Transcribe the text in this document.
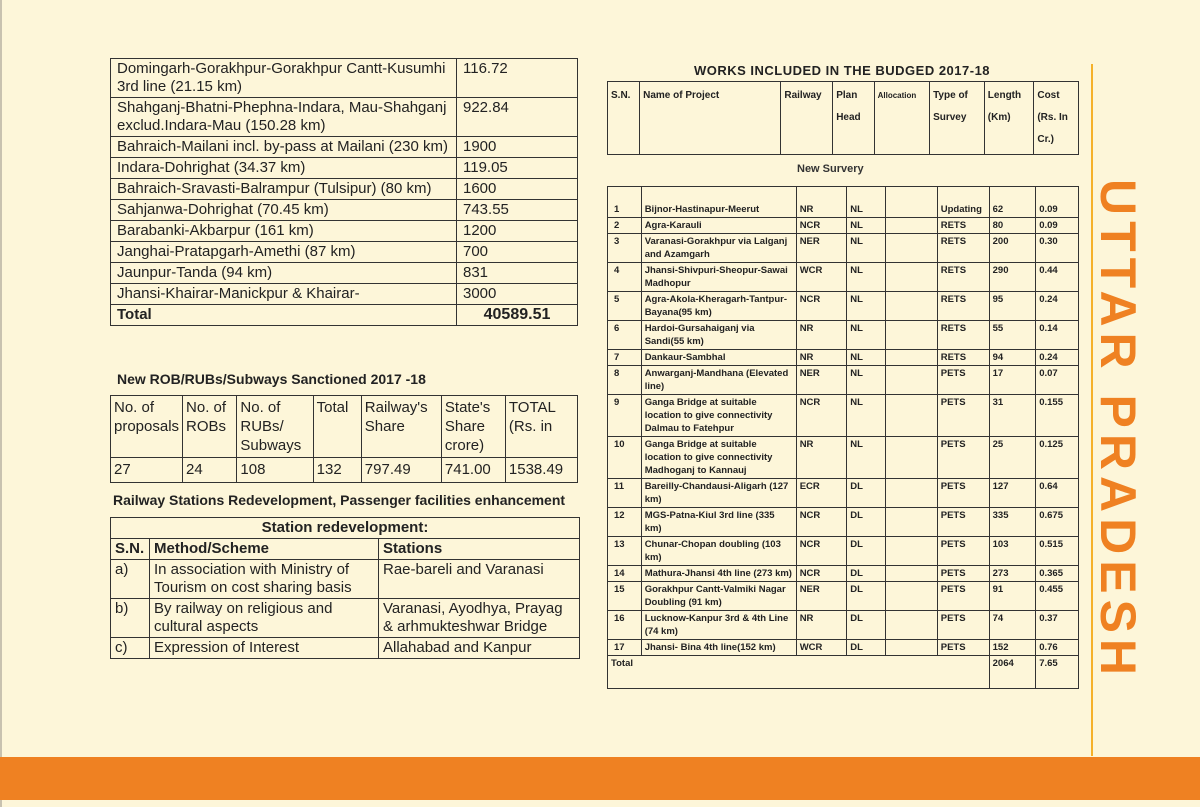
Domingarh-Gorakhpur-Gorakhpur Cantt-Kusumhi 3rd line (21.15 km)	116.72
Shahganj-Bhatni-Phephna-Indara, Mau-Shahganj exclud.Indara-Mau (150.28 km)	922.84
Bahraich-Mailani incl. by-pass at Mailani (230 km)	1900
Indara-Dohrighat (34.37 km)	119.05
Bahraich-Sravasti-Balrampur (Tulsipur) (80 km)	1600
Sahjanwa-Dohrighat (70.45 km)	743.55
Barabanki-Akbarpur (161 km)	1200
Janghai-Pratapgarh-Amethi (87 km)	700
Jaunpur-Tanda (94 km)	831
Jhansi-Khairar-Manickpur & Khairar-	3000
Total	40589.51
New ROB/RUBs/Subways Sanctioned 2017 -18
No. of proposals	No. of ROBs	No. of RUBs/ Subways	Total	Railway's Share	State's Share crore)	TOTAL (Rs. in
27	24	108	132	797.49	741.00	1538.49
Railway Stations Redevelopment, Passenger facilities enhancement
Station redevelopment:		
S.N.	Method/Scheme	Stations
a)	In association with Ministry of Tourism on cost sharing basis	Rae-bareli and Varanasi
b)	By railway on religious and cultural aspects	Varanasi, Ayodhya, Prayag & arhmukteshwar Bridge
c)	Expression of Interest	Allahabad and Kanpur
WORKS INCLUDED IN THE BUDGED 2017-18
S.N.	Name of Project	Railway	Plan Head	Allocation	Type of Survey	Length (Km)	Cost (Rs. In Cr.)
New Survery
1	Bijnor-Hastinapur-Meerut	NR	NL		Updating	62	0.09
2	Agra-Karauli	NCR	NL		RETS	80	0.09
3	Varanasi-Gorakhpur via Lalganj and Azamgarh	NER	NL		RETS	200	0.30
4	Jhansi-Shivpuri-Sheopur-Sawai Madhopur	WCR	NL		RETS	290	0.44
5	Agra-Akola-Kheragarh-Tantpur-Bayana(95 km)	NCR	NL		RETS	95	0.24
6	Hardoi-Gursahaiganj via Sandi(55 km)	NR	NL		RETS	55	0.14
7	Dankaur-Sambhal	NR	NL		RETS	94	0.24
8	Anwarganj-Mandhana (Elevated line)	NER	NL		PETS	17	0.07
9	Ganga Bridge at suitable location to give connectivity Dalmau to Fatehpur	NCR	NL		PETS	31	0.155
10	Ganga Bridge at suitable location to give connectivity Madhoganj to Kannauj	NR	NL		PETS	25	0.125
11	Bareilly-Chandausi-Aligarh (127 km)	ECR	DL		PETS	127	0.64
12	MGS-Patna-Kiul 3rd line (335 km)	NCR	DL		PETS	335	0.675
13	Chunar-Chopan doubling (103 km)	NCR	DL		PETS	103	0.515
14	Mathura-Jhansi 4th line (273 km)	NCR	DL		PETS	273	0.365
15	Gorakhpur Cantt-Valmiki Nagar Doubling (91 km)	NER	DL		PETS	91	0.455
16	Lucknow-Kanpur 3rd & 4th Line (74 km)	NR	DL		PETS	74	0.37
17	Jhansi- Bina 4th line(152 km)	WCR	DL		PETS	152	0.76
Total						2064	7.65 UTTAR PRADESH
